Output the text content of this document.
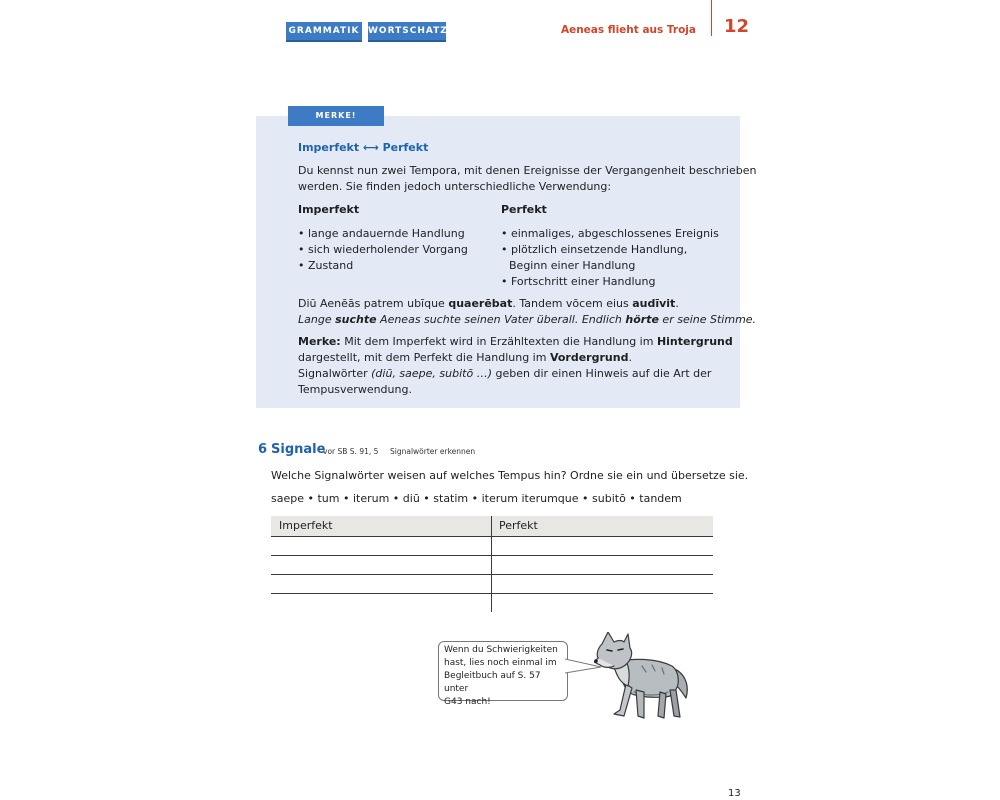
GRAMMATIK WORTSCHATZ	Aeneas flieht aus Troja 12
MERKE!
Imperfekt ⟷ Perfekt
Du kennst nun zwei Tempora, mit denen Ereignisse der Vergangenheit beschrieben
werden. Sie finden jedoch unterschiedliche Verwendung:
Imperfekt
• lange andauernde Handlung
• sich wiederholender Vorgang
• Zustand
Perfekt
• einmaliges, abgeschlossenes Ereignis
• plötzlich einsetzende Handlung,
Beginn einer Handlung
• Fortschritt einer Handlung
Diū Aenēās patrem ubīque quaerēbat. Tandem vōcem eius audīvit.
Lange suchte Aeneas suchte seinen Vater überall. Endlich hörte er seine Stimme.
Merke: Mit dem Imperfekt wird in Erzähltexten die Handlung im Hintergrund
dargestellt, mit dem Perfekt die Handlung im Vordergrund.
Signalwörter (diū, saepe, subitō …) geben dir einen Hinweis auf die Art der
Tempusverwendung.
6 Signale
vor SB S. 91, 5 Signalwörter erkennen
Welche Signalwörter weisen auf welches Tempus hin? Ordne sie ein und übersetze sie.
saepe • tum • iterum • diū • statim • iterum iterumque • subitō • tandem
Imperfekt	Perfekt
Wenn du Schwierigkeiten
hast, lies noch einmal im
Begleitbuch auf S. 57 unter
G43 nach!
13
